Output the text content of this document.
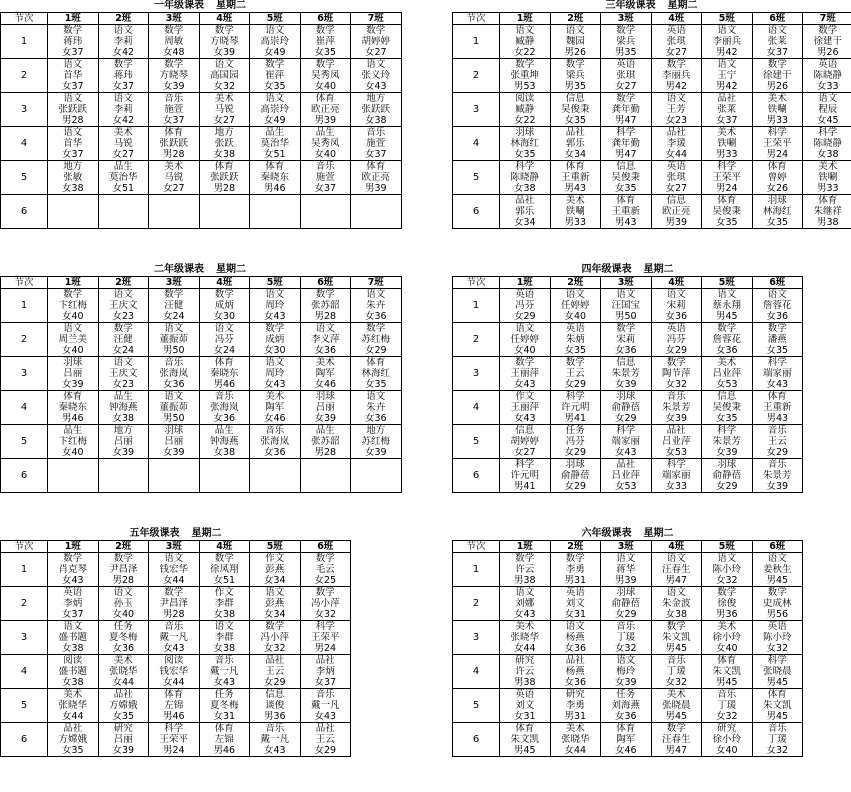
一年级课表 星期二
节次	1班	2班	3班	4班	5班	6班	7班
1	数学	语文	数学	数学	语文	数学	数学
	蒋玮	李莉	周敏	方晓琴	高崇玲	崔萍	胡婷婷
	女37	女42	女48	女39	女49	女35	女27
2	语文	数学	数学	语文	数学	数学	语文
	首华	蒋玮	方晓琴	高国园	崔萍	吴秀凤	张义玲
	女37	女37	女39	女32	女35	女40	女43
3	语文	语文	音乐	美术	语文	体育	地方
	张跃跃	李莉	施萱	马锐	高崇玲	欧正亮	张跃跃
	男28	女42	女37	女27	女49	男39	女38
4	语文	美术	体育	地方	品生	品生	音乐
	首华	马锐	张跃跃	张跃	莫治华	吴秀凤	施萱
	女37	女27	男28	女38	女51	女40	女37
5	地方	品生	美术	体育	体育	音乐	体育
	张敏	莫治华	马锐	张跃跃	秦晓东	施萱	欧正亮
	女38	女51	女27	男28	男46	女37	男39
6							

三年级课表 星期二
节次	1班	2班	3班	4班	5班	6班	7班
1	语文	语文	数学	英语	语文	语文	数学
	臧静	魏园	梁兵	张琪	李丽兵	张莱	徐建干
	女22	男26	男35	女27	男42	女37	男26
2	数学	数学	英语	数学	语文	数学	英语
	张重坤	梁兵	张琪	李丽兵	王宁	徐建干	陈晓静
	男53	男35	女27	男42	男42	男26	女33
3	阅读	信息	数学	语文	品社	美术	语文
	臧静	吴俊秉	龚年勤	王芳	张莱	铁唰	程辰
	女22	女35	男47	女23	女37	男33	女45
4	羽球	品社	科学	品社	美术	科学	科学
	林海红	郭乐	龚年勤	李瑗	铁唰	王荣平	陈晓静
	女35	女34	男47	女44	男33	男24	女38
5	科学	体育	信息	英语	科学	体育	美术
	陈晓静	王重新	吴俊秉	张琪	王荣平	曾婷	铁唰
	女38	男43	女35	女27	男24	女26	男33
6	品社	美术	体育	信息	体育	羽球	体育
	郭乐	铁唰	王重新	欧正亮	吴俊秉	林海红	朱继祥
	女34	男33	男43	男39	女35	女35	男38
二年级课表 星期二
节次	1班	2班	3班	4班	5班	6班	7班
1	数学	语文	数学	数学	语文	数学	语文
	卞红梅	王庆文	汪健	成炳	周玲	张苏韶	朱卉
	女40	女23	女24	女30	女43	男28	女36
2	语文	数学	语文	语文	数学	语文	数学
	周兰美	汪健	董振茆	冯芬	成炳	李义萍	苏红梅
	女40	女24	男50	女24	女30	女36	女29
3	羽球	语文	音乐	体育	语文	美术	体育
	吕丽	王庆文	张海岚	秦晓东	周玲	陶军	林海红
	女39	女23	女36	男46	女43	女46	女35
4	体育	品生	语文	音乐	美术	羽球	语文
	秦晓东	钟海燕	董振茆	张海岚	陶军	吕丽	朱卉
	男46	女38	男50	女36	女46	女39	女36
5	品生	地方	羽球	品生	音乐	品生	地方
	卞红梅	吕丽	吕丽	钟海燕	张海岚	张苏韶	苏红梅
	女40	女39	女39	女38	女36	男28	女39
6							

四年级课表 星期二
节次	1班	2班	3班	4班	5班	6班
1	英语	语文	语文	语文	语文	语文
	冯芬	任婷婷	汪国宝	宋莉	蔡永翔	詹蓉花
	女29	女40	男50	女36	男45	女36
2	语文	英语	数学	英语	数学	数学
	任婷婷	朱炳	宋莉	冯芬	詹蓉花	潘燕
	女40	女35	女36	女29	女36	女35
3	数学	数学	信息	数学	美术	科学
	王丽萍	王云	朱景芳	陶节萍	吕业萍	端家丽
	女43	女29	女39	女32	女53	女43
4	作文	科学	羽球	音乐	信息	体育
	王丽萍	许元明	俞静蓓	朱景芳	吴俊秉	王重新
	女43	男41	女29	女39	女35	男43
5	信息	任务	科学	品社	科学	音乐
	胡婷婷	冯芬	端家丽	吕业萍	朱景芳	王云
	女27	女29	女43	女53	女39	女29
6	科学	羽球	品社	科学	羽球	音乐
	许元明	俞静蓓	吕业萍	端家丽	俞静蓓	朱景芳
	男41	女29	女53	女33	女29	女39
五年级课表 星期二
节次	1班	2班	3班	4班	5班	6班
1	数学	数学	语文	数学	作文	数学
	肖克琴	尹昌泽	钱宏华	徐凤翔	彭燕	毛云
	女43	男28	女44	女51	女34	女25
2	英语	语文	数学	作文	语文	数学
	李炳	孙玉	尹昌泽	李群	彭燕	冯小萍
	女37	女40	男28	女38	女34	女32
3	语文	任务	音乐	语文	数学	科学
	盛书题	夏冬梅	戴一凡	李群	冯小萍	王荣平
	女38	女36	女43	女38	女32	男24
4	阅读	美术	阅读	音乐	品社	品社
	盛书题	张晓华	钱宏华	戴一凡	王云	李炳
	女38	女44	女44	女43	女29	女37
5	美术	品社	体育	任务	信息	音乐
	张晓华	方嫦娥	左锦	夏冬梅	谈俊	戴一凡
	女44	女35	男46	女31	男36	女43
6	品社	研究	科学	体育	音乐	品社
	方嫦娥	吕丽	王荣平	左锦	戴一凡	王云
	女35	女39	男24	男46	女43	女29
六年级课表 星期二
节次	1班	2班	3班	4班	5班	6班
1	数学	数学	语文	语文	语文	语文
	许云	李勇	蒋华	汪春生	陈小玲	姜秋生
	男38	男31	男39	男47	女32	男45
2	语文	英语	羽球	语文	数学	数学
	刘娜	刘文	俞静蓓	朱金波	徐俊	史成林
	女43	女31	女29	女38	男36	男56
3	美术	语文	音乐	数学	美术	英语
	张晓华	杨燕	丁瑗	朱文凯	徐小玲	陈小玲
	女44	女36	女32	男45	女40	女32
4	研究	品社	语文	音乐	体育	科学
	许云	杨燕	梅玲	丁瑗	朱文凯	张晓晨
	男38	女36	女39	女32	男45	男45
5	英语	研究	任务	美术	音乐	体育
	刘文	李勇	刘海燕	张晓晨	丁瑗	朱文凯
	女31	男31	女36	男45	女32	男45
6	体育	美术	体育	数学	研究	音乐
	朱文凯	张晓华	陶军	汪春生	徐小玲	丁瑗
	男45	女44	女46	男47	女40	女32
